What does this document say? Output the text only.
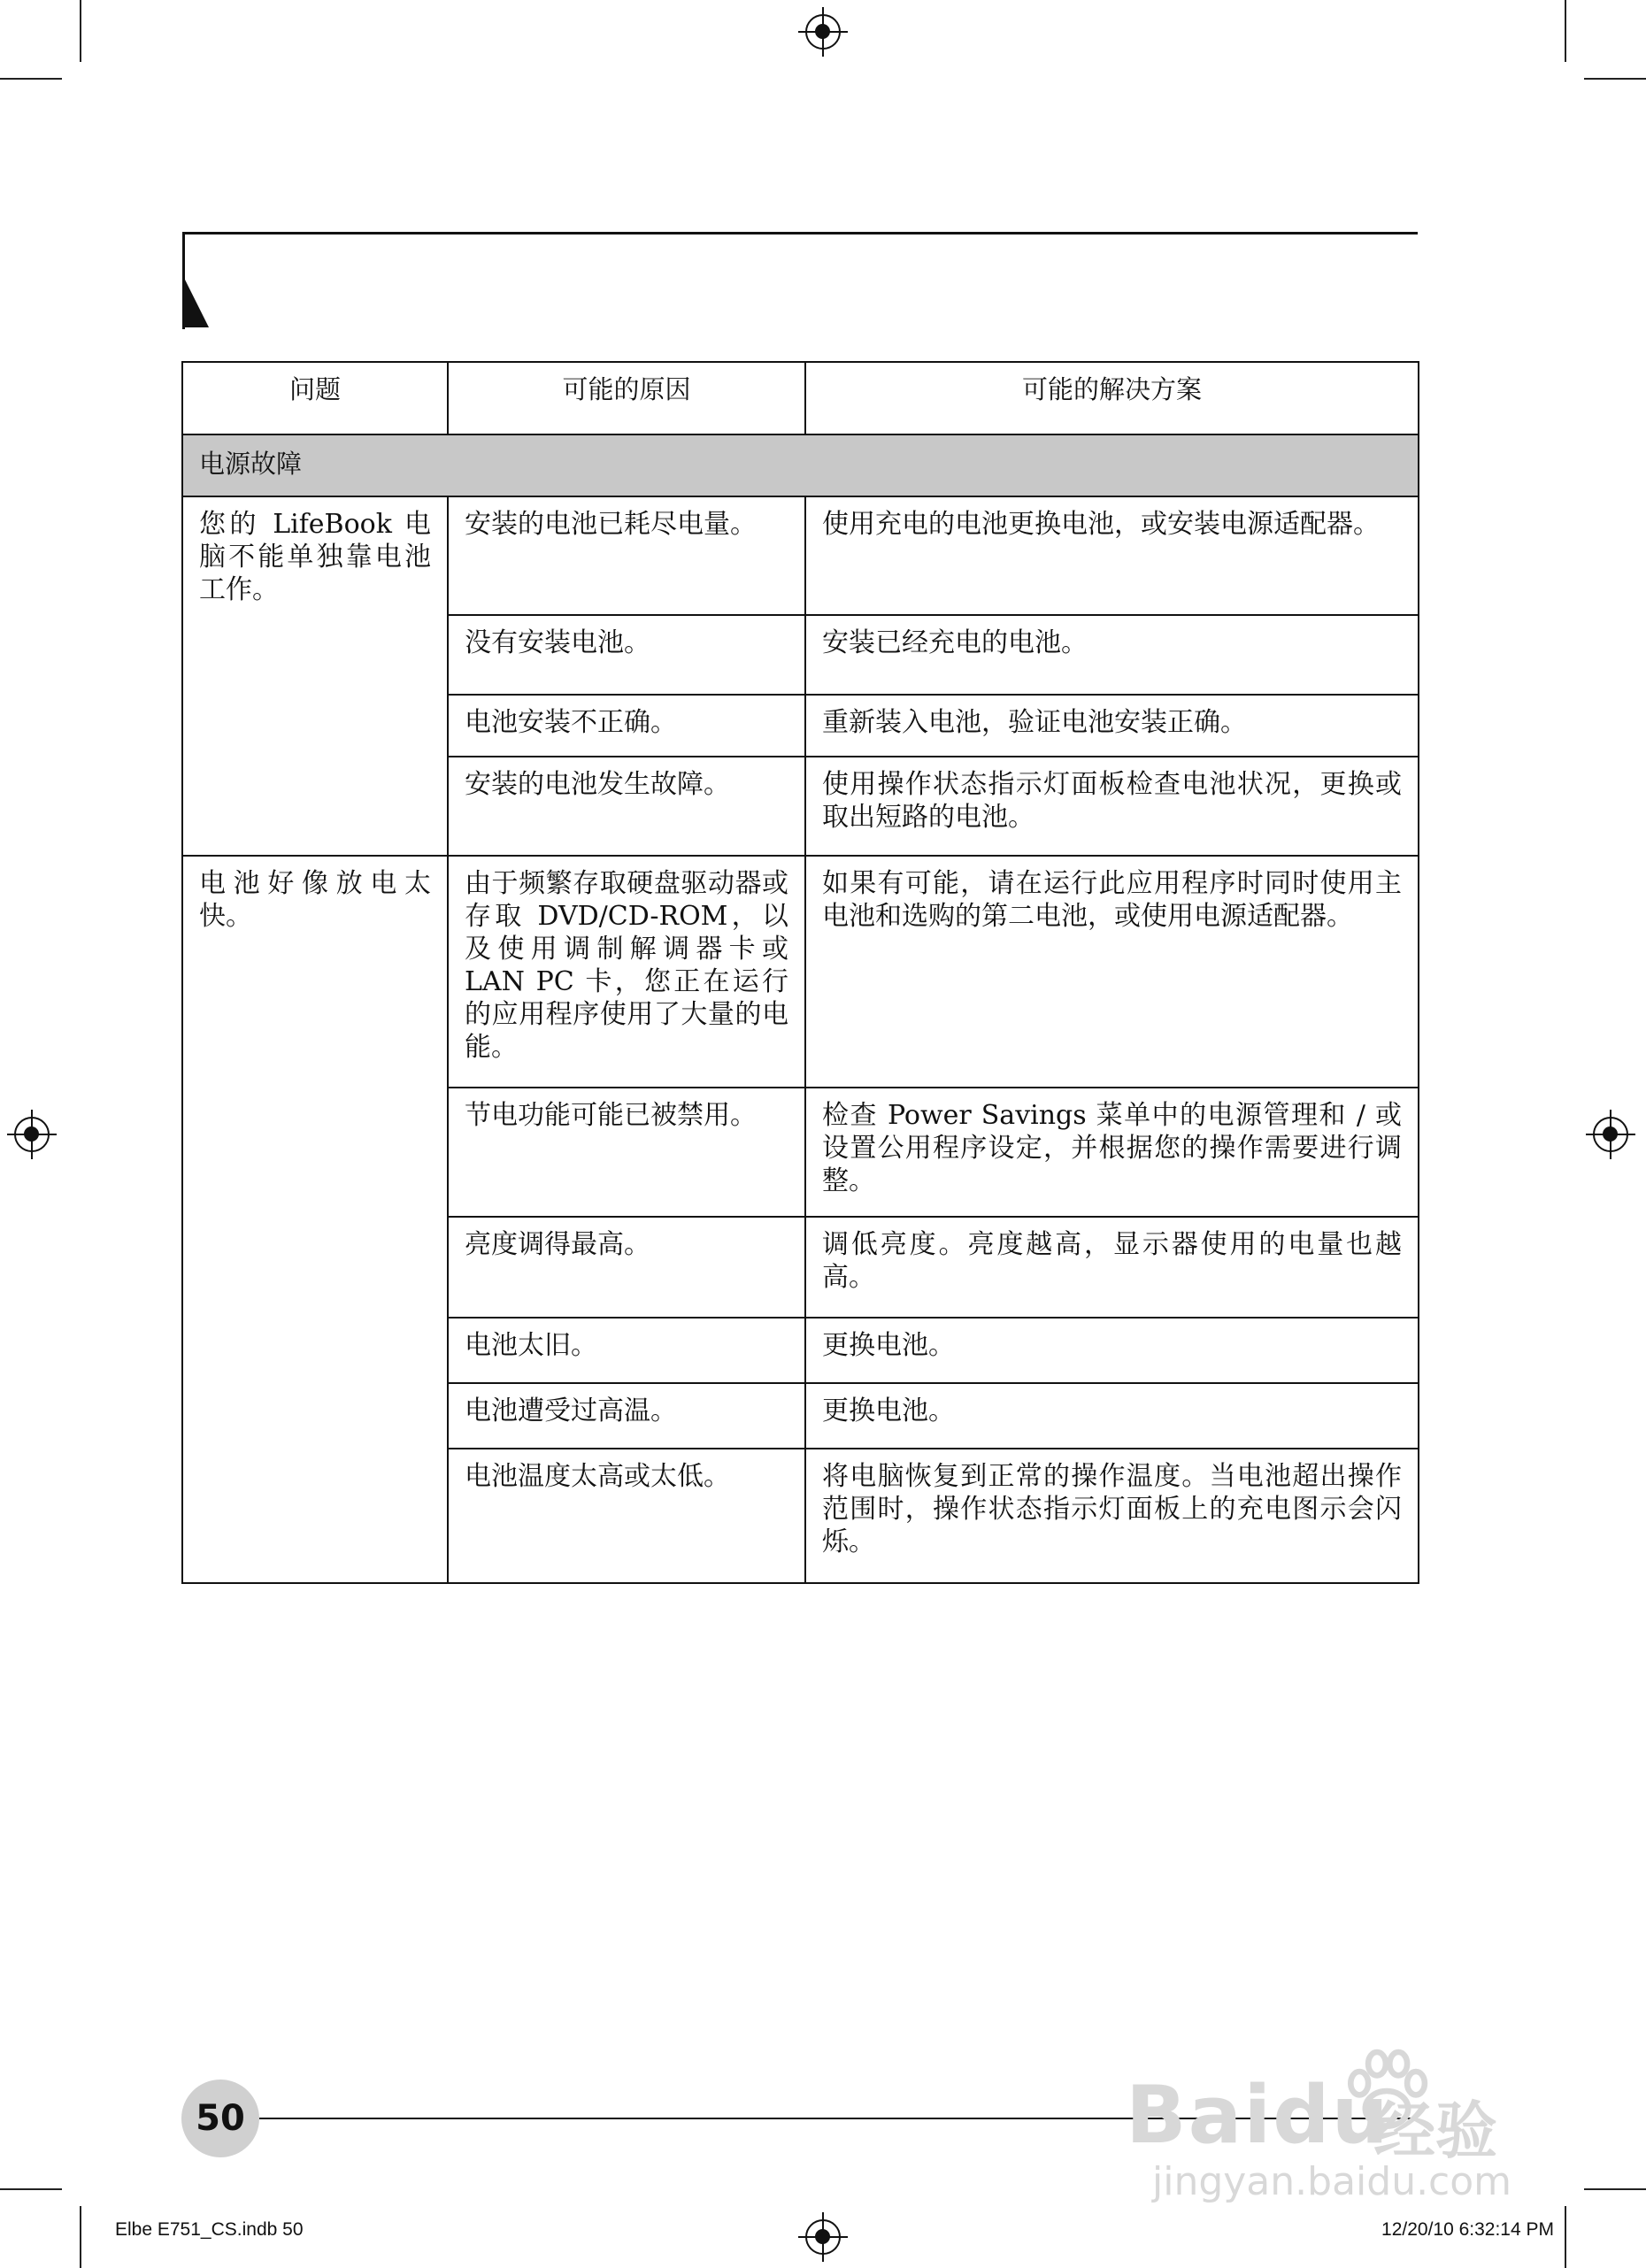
问题	可能的原因	可能的解决方案

电源故障		
您的 LifeBook 电脑不能单独靠电池工作。	安装的电池已耗尽电量。	使用充电的电池更换电池，或安装电源适配器。
	没有安装电池。	安装已经充电的电池。
	电池安装不正确。	重新装入电池，验证电池安装正确。
	安装的电池发生故障。	使用操作状态指示灯面板检查电池状况，更换或取出短路的电池。
电池好像放电太快。	由于频繁存取硬盘驱动器或存取 DVD/CD-ROM，以及使用调制解调器卡或 LAN PC 卡，您正在运行的应用程序使用了大量的电能。	如果有可能，请在运行此应用程序时同时使用主电池和选购的第二电池，或使用电源适配器。
	节电功能可能已被禁用。	检查 Power Savings 菜单中的电源管理和 / 或设置公用程序设定，并根据您的操作需要进行调整。
	亮度调得最高。	调低亮度。亮度越高，显示器使用的电量也越高。
	电池太旧。	更换电池。
	电池遭受过高温。	更换电池。
	电池温度太高或太低。	将电脑恢复到正常的操作温度。当电池超出操作范围时，操作状态指示灯面板上的充电图示会闪烁。
50	Baidu
经验
jingyan.baidu.com
Elbe E751_CS.indb 50	12/20/10 6:32:14 PM
